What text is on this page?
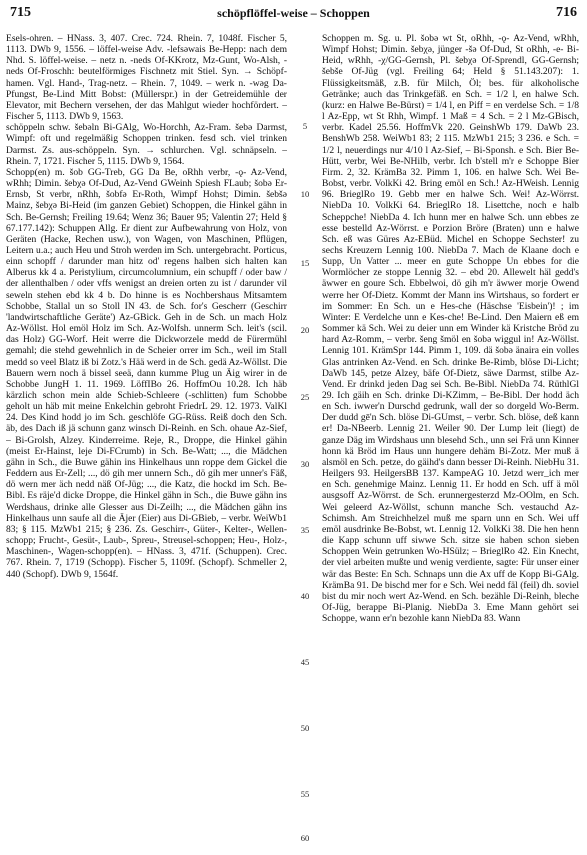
715	schöpflöffel-weise – Schoppen	716

Esels-ohren. – HNass. 3, 407. Crec. 724. Rhein. 7, 1048f. Fischer 5, 1113. DWb 9, 1556. – löffel-weise Adv. -lefsəwais Be-Hepp: nach dem Nhd. S. löffel-weise. – netz n. -neds Of-KKrotz, Mz-Gunt, Wo-Alsh, -neds Of-Froschh: beutelförmiges Fischnetz mit Stiel. Syn. → Schöpf-hamen. Vgl. Hand-, Trag-netz. – Rhein. 7, 1049. – werk n. -wəg Da-Pfungst, Be-Lind Mitt Bobst: (Müllerspr.) in der Getreidemühle der Elevator, mit Bechern versehen, der das Mahlgut wieder hochfördert. – Fischer 5, 1113. DWb 9, 1563.

schöppeln schw. šebəln Bi-GAlg, Wo-Horchh, Az-Fram. šebə Darmst, Wimpf: oft und regelmäßig Schoppen trinken. fesd sch. viel trinken Darmst. Zs. aus-schöppeln. Syn. → schlurchen. Vgl. schnäpseln. – Rhein. 7, 1721. Fischer 5, 1115. DWb 9, 1564.

Schopp(en) m. šob GG-Treb, GG Da Be, oRhh verbr, -ǫ- Az-Vend, wRhh; Dimin. šebχə Of-Dud, Az-Vend GWeinh Spiesh FLaub; šobə Er-Ernsb, St verbr, nRhh, šobfə Er-Roth, Wimpf Hohst; Dimin. šebšə Mainz, šebχə Bi-Heid (im ganzen Gebiet) Schoppen, die Hinkel gähn in Sch. Be-Gernsh; Freiling 19.64; Wenz 36; Bauer 95; Valentin 27; Held § 67.177.142): Schuppen Allg. Er dient zur Aufbewahrung von Holz, von Geräten (Hacke, Rechen usw.), von Wagen, von Maschinen, Pflügen, Leitern u.a.; auch Heu und Stroh werden im Sch. untergebracht. Porticus, einn schopff / darunder man hitz od' regens halben sich halten kan Alberus kk 4 a. Peristylium, circumcolumnium, ein schupff / oder baw / der allenthalben / oder vffs wenigst an dreien orten zu ist / darunder vil seweln stehen ebd kk 4 b. Do hinne is es Nochbershaus Mitsamtem Schobbe, Stallal un so Stoll IN 43. de Sch. for's Gescherr (Geschirr 'landwirtschaftliche Geräte') Az-GBick. Geh in de Sch. un mach Holz Az-Wöllst. Hol emöl Holz im Sch. Az-Wolfsh. unnerm Sch. leit's (scil. das Holz) GG-Worf. Heit werre die Dickworzele medd de Fürermühl gemahl; die stehd gewehnlich in de Scheier orrer im Sch., weil im Stall medd so veel Blatz iß bi Zotz.'s Hää werd in de Sch. gedä Az-Wöllst. Die Bauern wern noch ä bissel seeä, dann kumme Plug un Äig wirer in de Schobbe JungH 1. 11. 1969. LöffIBo 26. HoffmOu 10.28. Ich häb kärzlich schon mein alde Schieb-Schleere (-schlitten) fum Schobbe geholt un häb mit meine Enkelchin gebroht FriedrL 29. 12. 1973. ValKl 24. Des Kind hodd jo im Sch. geschlöfe GG-Rüss. Reiß doch den Sch. äb, des Dach iß jä schunn ganz winsch Di-Reinh. en Sch. ohaue Az-Sief, – Bi-Grolsh, Alzey. Kinderreime. Reje, R., Droppe, die Hinkel gähin (meist Er-Hainst, leje Di-FCrumb) in Sch. Be-Watt; ..., die Mädchen gähn in Sch., die Buwe gähin ins Hinkelhaus unn roppe dem Gickel die Feddern aus Er-Zell; ..., dö gih mer unnern Sch., dö gih mer unner's Fäß, dö wern mer äch nedd näß Of-Jüg; ..., die Katz, die hockd im Sch. Be-Bibl. Es räje'd dicke Droppe, die Hinkel gähn in Sch., die Buwe gähn ins Werdshaus, drinke alle Glesser aus Di-Zeilh; ..., die Mädchen gähn ins Hinkelhaus unn saufe all die Äjer (Eier) aus Di-GBieb, – verbr. WeiWb1 83; § 115. MzWb1 215; § 236. Zs. Geschirr-, Güter-, Kelter-, Wellen-schopp; Frucht-, Gesüt-, Laub-, Spreu-, Streusel-schoppen; Heu-, Holz-, Maschinen-, Wagen-schopp(en). – HNass. 3, 471f. (Schuppen). Crec. 767. Rhein. 7, 1719 (Schopp). Fischer 5, 1109f. (Schopf). Schmeller 2, 440 (Schopf). DWb 9, 1564f.

5
10
15
20
25
30
35
40
45
50
55
60

Schoppen m. Sg. u. Pl. šobə wt St, oRhh, -ǫ- Az-Vend, wRhh, Wimpf Hohst; Dimin. šebχə, jünger -šə Of-Dud, St oRhh, -e- Bi-Heid, wRhh, -χ/GG-Gernsh, Pl. šebχə Of-Sprendl, GG-Gernsh; šebše Of-Jüg (vgl. Freiling 64; Held § 51.143.207): 1. Flüssigkeitsmäß, z.B. für Milch, Öl; bes. für alkoholische Getränke; auch das Trinkgefäß. en Sch. = 1/2 l, en halwe Sch. (kurz: en Halwe Be-Bürst) = 1/4 l, en Piff = en verdelse Sch. = 1/8 l Az-Epp, wt St Rhh, Wimpf. 1 Maß = 4 Sch. = 2 l Mz-GBisch, verbr. Kadel 25.56. HoffmVk 220. GeinshWb 179. DaWb 23. BenshWb 258. WeiWb1 83; 2 115. MzWb1 215; 3 236. e Sch. = 1/2 l, neuerdings nur 4/10 l Az-Sief, – Bi-Sponsh. e Sch. Bier Be-Hütt, verbr, Wei Be-NHilb, verbr. Ich b'stell m'r e Schoppe Bier Firm. 2, 32. KrämBa 32. Pimm 1, 106. en halwe Sch. Wei Be-Bobst, verbr. VolkKi 42. Bring emöl en Sch.! Az-HWeish. Lennig 96. BrieglRo 19. Gebb mer en halwe Sch. Wei! Az-Wörrst. NiebDa 10. VolkKi 64. BrieglRo 18. Lisettche, noch e halb Scheppche! NiebDa 4. Ich hunn mer en halwe Sch. unn ebbes ze esse bestelld Az-Wörrst. e Porzion Bröre (Braten) unn e halwe Sch. eß was Güres Az-EBüd. Michel en Schoppe Sechster! zu sechs Kreuzern Lennig 100. NiebDa 7. Mach de Klaane doch e Supp, Un Vatter ... meer en gute Schoppe Un ebbes for die Wormlöcher ze stoppe Lennig 32. – ebd 20. Allewelt häl gedd's äwwer en goure Sch. Ebbelwoi, dö gih m'r äwwer morje Owend werre her Of-Dietz. Kommt der Mann ins Wirtshaus, so fordert er im Sommer: En Sch. un e Hes-che (Häschse 'Eisbein')! ; im Winter: E Verdelche unn e Kes-che! Be-Lind. Den Maiern eß em Sommer kä Sch. Wei zu deier unn em Winder kä Kristche Bröd zu hard Az-Romm, – verbr. šeng šmöl en šobə wiggul in! Az-Wöllst. Lennig 101. KrämSpr 144. Pimm 1, 109. dä šobə änaira ein volles Glas antrinken Az-Vend. en Sch. drinke Be-Rimb, blöse Di-Licht; DaWb 145, petze Alzey, bäfe Of-Dietz, säwe Darmst, stilbe Az-Vend. Er drinkd jeden Dag sei Sch. Be-Bibl. NiebDa 74. RüthlGl 29. Ich gäih en Sch. drinke Di-KZimm, – Be-Bibl. Der hodd äch en Sch. iwwer'n Durschd gedrunk, wall der so dorgeld Wo-Berm. Der dudd gē'n Sch. blöse Di-GUmst, – verbr. Sch. blöse, deß kann er! Da-NBeerb. Lennig 21. Weiler 90. Der Lump leit (liegt) de ganze Däg im Wirdshaus unn blesehd Sch., unn sei Frä unn Kinner honn kä Bröd im Haus unn hungere dehäm Bi-Zotz. Mer muß ä alsmöl en Sch. petze, do gäihd's dann besser Di-Reinh. NiebHu 31. Heilgers 93. HeilgersBB 137. KampeAG 10. Jetzd werr_ich mer en Sch. genehmige Mainz. Lennig 11. Er hodd en Sch. uff ä möl ausgsoff Az-Wörrst. de Sch. erunnergesterzd Mz-OOlm, en Sch. Wei geleerd Az-Wöllst, schunn manche Sch. vestauchd Az-Schimsh. Am Streichhelzel muß me sparn unn en Sch. Wei uff emöl ausdrinke Be-Bobst, wt. Lennig 12. VolkKi 38. Die hen henn die Kapp schunn uff siwwe Sch. sitze sie haben schon sieben Schoppen Wein getrunken Wo-HSülz; – BrieglRo 42. Ein Knecht, der viel arbeiten mußte und wenig verdiente, sagte: Für unser einer wär das Beste: En Sch. Schnaps unn die Ax uff de Kopp Bi-GAlg. KrämBa 91. De bischd mer for e Sch. Wei nedd fäl (feil) dh. soviel bist du mir noch wert Az-Wend. en Sch. bezähle Di-Reinh, bleche Of-Jüg, berappe Bi-Planig. NiebDa 3. Eme Mann gehört sei Schoppe, wann er'n bezohle kann NiebDa 83. Wann
